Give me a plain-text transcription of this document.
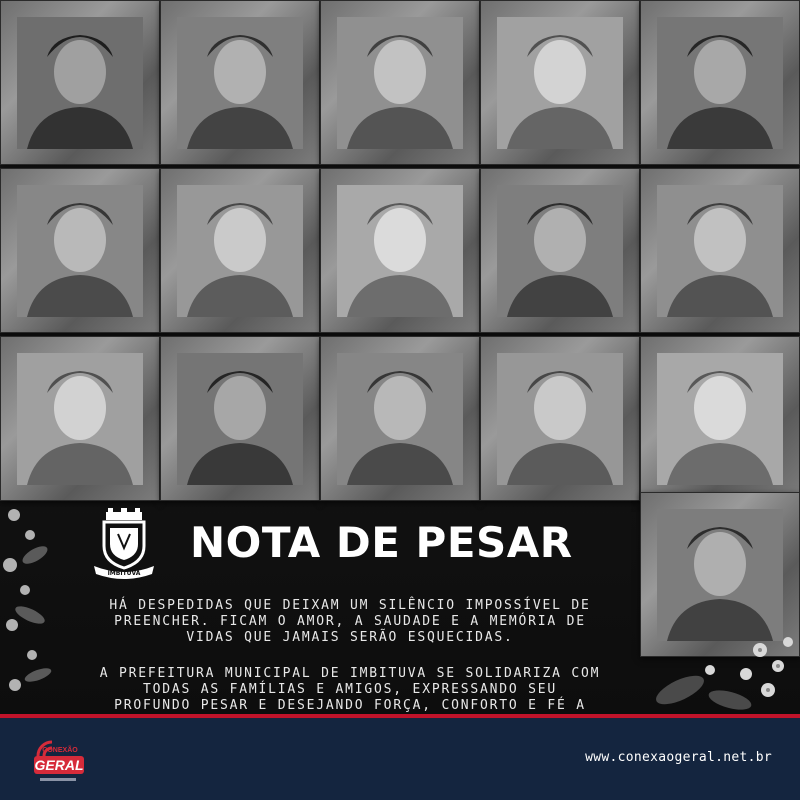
IMBITUVA
NOTA DE PESAR
HÁ DESPEDIDAS QUE DEIXAM UM SILÊNCIO IMPOSSÍVEL DE
PREENCHER. FICAM O AMOR, A SAUDADE E A MEMÓRIA DE
VIDAS QUE JAMAIS SERÃO ESQUECIDAS.
A PREFEITURA MUNICIPAL DE IMBITUVA SE SOLIDARIZA COM
TODAS AS FAMÍLIAS E AMIGOS, EXPRESSANDO SEU
PROFUNDO PESAR E DESEJANDO FORÇA, CONFORTO E FÉ A
CONEXÃO
GERAL	www.conexaogeral.net.br
